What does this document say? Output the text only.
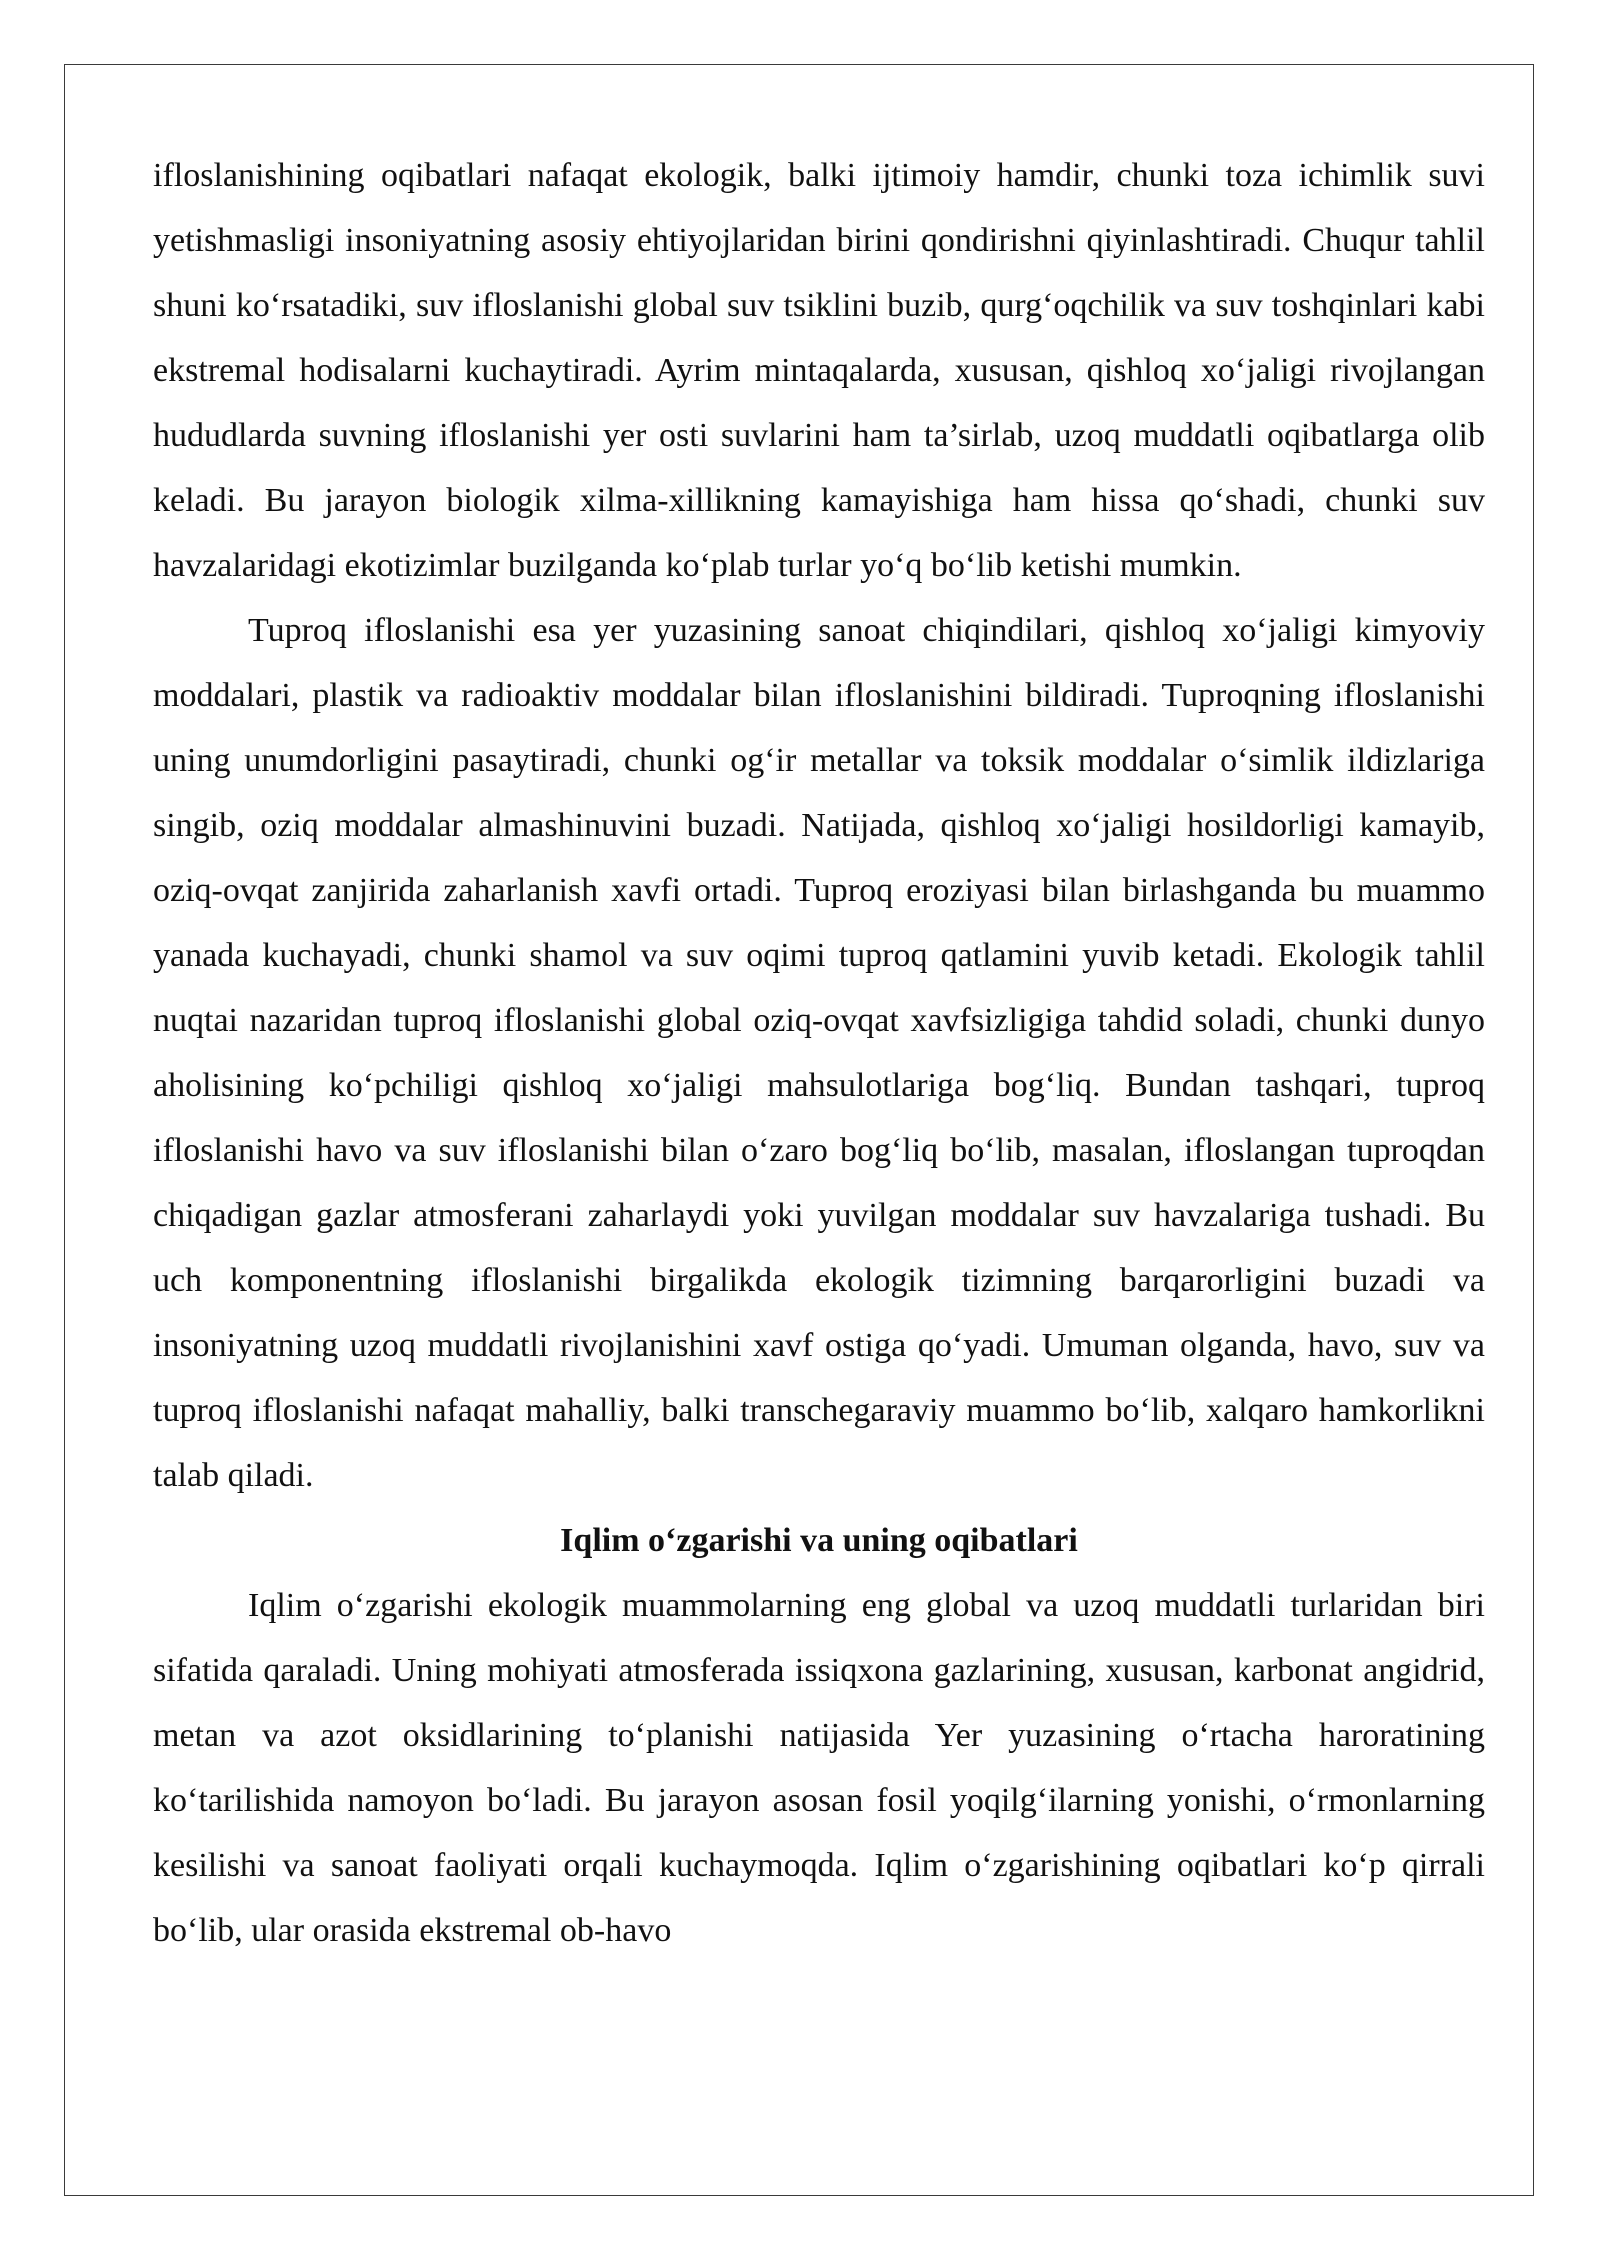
ifloslanishining oqibatlari nafaqat ekologik, balki ijtimoiy hamdir, chunki toza ichimlik suvi yetishmasligi insoniyatning asosiy ehtiyojlaridan birini qondirishni qiyinlashtiradi. Chuqur tahlil shuni ko‘rsatadiki, suv ifloslanishi global suv tsiklini buzib, qurg‘oqchilik va suv toshqinlari kabi ekstremal hodisalarni kuchaytiradi. Ayrim mintaqalarda, xususan, qishloq xo‘jaligi rivojlangan hududlarda suvning ifloslanishi yer osti suvlarini ham ta’sirlab, uzoq muddatli oqibatlarga olib keladi. Bu jarayon biologik xilma-xillikning kamayishiga ham hissa qo‘shadi, chunki suv havzalaridagi ekotizimlar buzilganda ko‘plab turlar yo‘q bo‘lib ketishi mumkin.

Tuproq ifloslanishi esa yer yuzasining sanoat chiqindilari, qishloq xo‘jaligi kimyoviy moddalari, plastik va radioaktiv moddalar bilan ifloslanishini bildiradi. Tuproqning ifloslanishi uning unumdorligini pasaytiradi, chunki og‘ir metallar va toksik moddalar o‘simlik ildizlariga singib, oziq moddalar almashinuvini buzadi. Natijada, qishloq xo‘jaligi hosildorligi kamayib, oziq-ovqat zanjirida zaharlanish xavfi ortadi. Tuproq eroziyasi bilan birlashganda bu muammo yanada kuchayadi, chunki shamol va suv oqimi tuproq qatlamini yuvib ketadi. Ekologik tahlil nuqtai nazaridan tuproq ifloslanishi global oziq-ovqat xavfsizligiga tahdid soladi, chunki dunyo aholisining ko‘pchiligi qishloq xo‘jaligi mahsulotlariga bog‘liq. Bundan tashqari, tuproq ifloslanishi havo va suv ifloslanishi bilan o‘zaro bog‘liq bo‘lib, masalan, ifloslangan tuproqdan chiqadigan gazlar atmosferani zaharlaydi yoki yuvilgan moddalar suv havzalariga tushadi. Bu uch komponentning ifloslanishi birgalikda ekologik tizimning barqarorligini buzadi va insoniyatning uzoq muddatli rivojlanishini xavf ostiga qo‘yadi. Umuman olganda, havo, suv va tuproq ifloslanishi nafaqat mahalliy, balki transchegaraviy muammo bo‘lib, xalqaro hamkorlikni talab qiladi.

Iqlim o‘zgarishi va uning oqibatlari

Iqlim o‘zgarishi ekologik muammolarning eng global va uzoq muddatli turlaridan biri sifatida qaraladi. Uning mohiyati atmosferada issiqxona gazlarining, xususan, karbonat angidrid, metan va azot oksidlarining to‘planishi natijasida Yer yuzasining o‘rtacha haroratining ko‘tarilishida namoyon bo‘ladi. Bu jarayon asosan fosil yoqilg‘ilarning yonishi, o‘rmonlarning kesilishi va sanoat faoliyati orqali kuchaymoqda. Iqlim o‘zgarishining oqibatlari ko‘p qirrali bo‘lib, ular orasida ekstremal ob-havo
